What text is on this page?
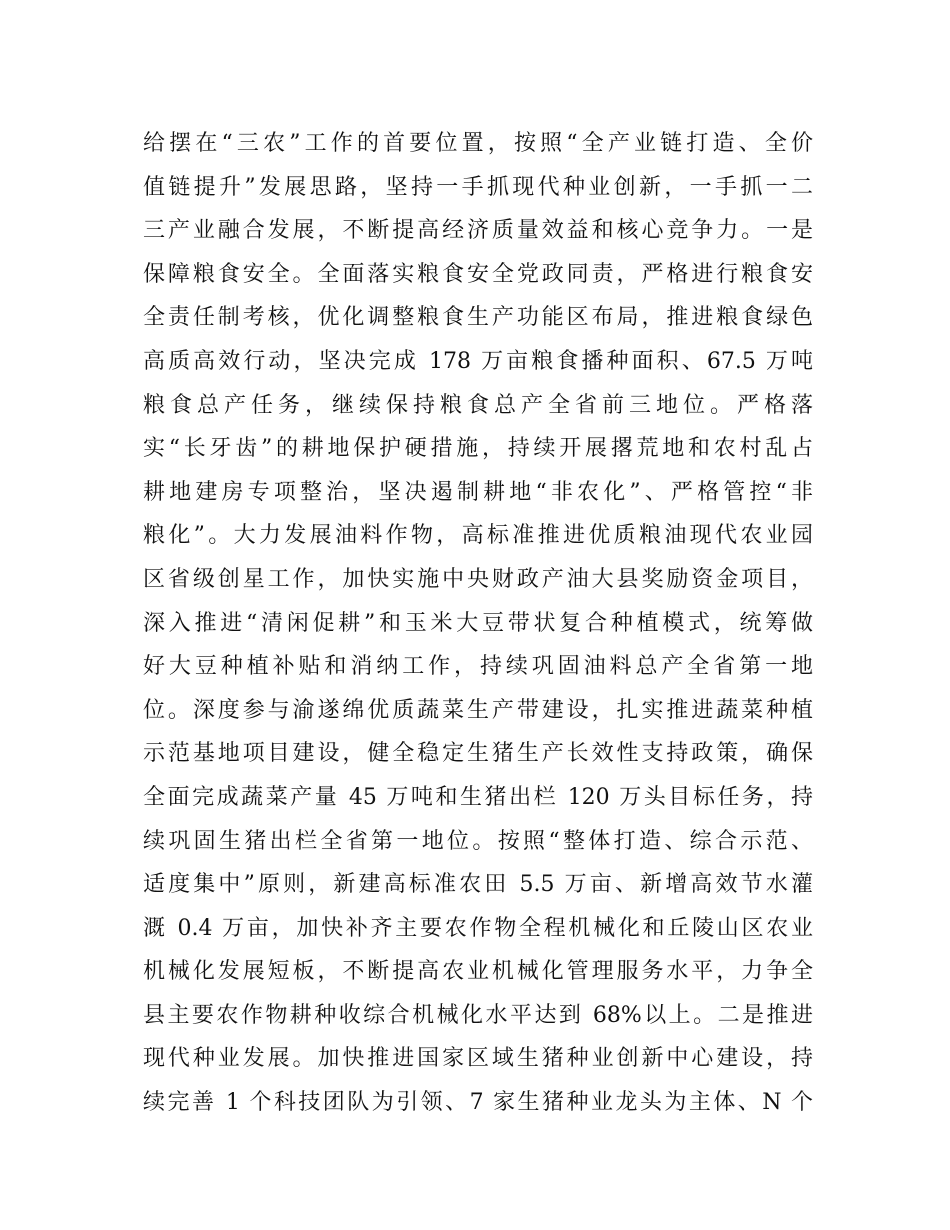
给摆在“三农”工作的首要位置，按照“全产业链打造、全价
值链提升”发展思路，坚持一手抓现代种业创新，一手抓一二
三产业融合发展，不断提高经济质量效益和核心竞争力。一是
保障粮食安全。全面落实粮食安全党政同责，严格进行粮食安
全责任制考核，优化调整粮食生产功能区布局，推进粮食绿色
高质高效行动，坚决完成 178 万亩粮食播种面积、67.5 万吨
粮食总产任务，继续保持粮食总产全省前三地位。严格落
实“长牙齿”的耕地保护硬措施，持续开展撂荒地和农村乱占
耕地建房专项整治，坚决遏制耕地“非农化”、严格管控“非
粮化”。大力发展油料作物，高标准推进优质粮油现代农业园
区省级创星工作，加快实施中央财政产油大县奖励资金项目，
深入推进“清闲促耕”和玉米大豆带状复合种植模式，统筹做
好大豆种植补贴和消纳工作，持续巩固油料总产全省第一地
位。深度参与渝遂绵优质蔬菜生产带建设，扎实推进蔬菜种植
示范基地项目建设，健全稳定生猪生产长效性支持政策，确保
全面完成蔬菜产量 45 万吨和生猪出栏 120 万头目标任务，持
续巩固生猪出栏全省第一地位。按照“整体打造、综合示范、
适度集中”原则，新建高标准农田 5.5 万亩、新增高效节水灌
溉 0.4 万亩，加快补齐主要农作物全程机械化和丘陵山区农业
机械化发展短板，不断提高农业机械化管理服务水平，力争全
县主要农作物耕种收综合机械化水平达到 68%以上。二是推进
现代种业发展。加快推进国家区域生猪种业创新中心建设，持
续完善 1 个科技团队为引领、7 家生猪种业龙头为主体、N 个
